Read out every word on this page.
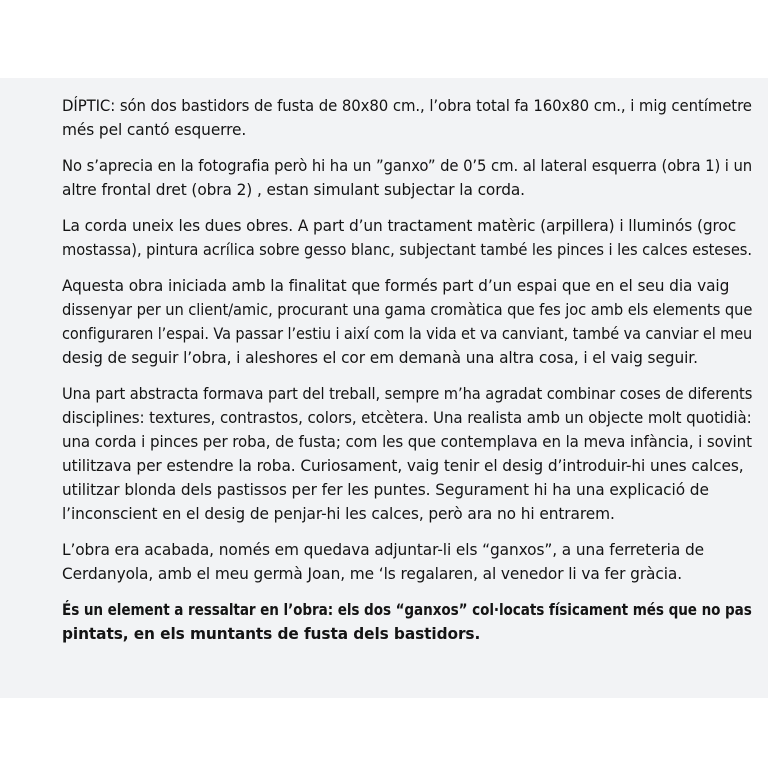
DÍPTIC: són dos bastidors de fusta de 80x80 cm., l’obra total fa 160x80 cm., i mig centímetre
més pel cantó esquerre.

No s’aprecia en la fotografia però hi ha un ”ganxo” de 0’5 cm. al lateral esquerra (obra 1) i un
altre frontal dret (obra 2) , estan simulant subjectar la corda.

La corda uneix les dues obres. A part d’un tractament matèric (arpillera) i lluminós (groc
mostassa), pintura acrílica sobre gesso blanc, subjectant també les pinces i les calces esteses.

Aquesta obra iniciada amb la finalitat que formés part d’un espai que en el seu dia vaig
dissenyar per un client/amic, procurant una gama cromàtica que fes joc amb els elements que
configuraren l’espai. Va passar l’estiu i així com la vida et va canviant, també va canviar el meu
desig de seguir l’obra, i aleshores el cor em demanà una altra cosa, i el vaig seguir.

Una part abstracta formava part del treball, sempre m’ha agradat combinar coses de diferents
disciplines: textures, contrastos, colors, etcètera. Una realista amb un objecte molt quotidià:
una corda i pinces per roba, de fusta; com les que contemplava en la meva infància, i sovint
utilitzava per estendre la roba. Curiosament, vaig tenir el desig d’introduir-hi unes calces,
utilitzar blonda dels pastissos per fer les puntes. Segurament hi ha una explicació de
l’inconscient en el desig de penjar-hi les calces, però ara no hi entrarem.

L’obra era acabada, només em quedava adjuntar-li els “ganxos”, a una ferreteria de
Cerdanyola, amb el meu germà Joan, me ‘ls regalaren, al venedor li va fer gràcia.

És un element a ressaltar en l’obra: els dos “ganxos” col·locats físicament més que no pas
pintats, en els muntants de fusta dels bastidors.
